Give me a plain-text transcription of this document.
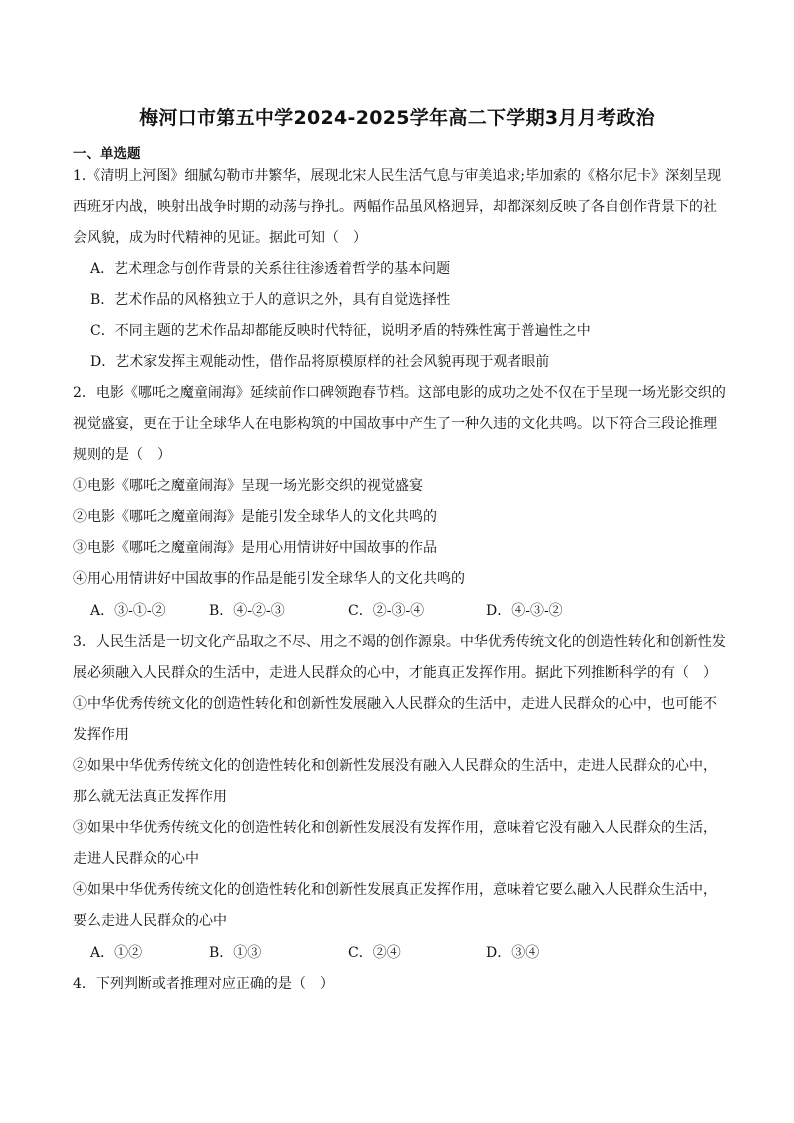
梅河口市第五中学2024-2025学年高二下学期3月月考政治
一、单选题
1.《清明上河图》细腻勾勒市井繁华，展现北宋人民生活气息与审美追求;毕加索的《格尔尼卡》深刻呈现
西班牙内战，映射出战争时期的动荡与挣扎。两幅作品虽风格迥异，却都深刻反映了各自创作背景下的社
会风貌，成为时代精神的见证。据此可知（　）
A．艺术理念与创作背景的关系往往渗透着哲学的基本问题
B．艺术作品的风格独立于人的意识之外，具有自觉选择性
C．不同主题的艺术作品却都能反映时代特征，说明矛盾的特殊性寓于普遍性之中
D．艺术家发挥主观能动性，借作品将原模原样的社会风貌再现于观者眼前
2．电影《哪吒之魔童闹海》延续前作口碑领跑春节档。这部电影的成功之处不仅在于呈现一场光影交织的
视觉盛宴，更在于让全球华人在电影构筑的中国故事中产生了一种久违的文化共鸣。以下符合三段论推理
规则的是（　）
①电影《哪吒之魔童闹海》呈现一场光影交织的视觉盛宴
②电影《哪吒之魔童闹海》是能引发全球华人的文化共鸣的
③电影《哪吒之魔童闹海》是用心用情讲好中国故事的作品
④用心用情讲好中国故事的作品是能引发全球华人的文化共鸣的
A．③-①-②	B．④-②-③	C．②-③-④	D．④-③-②
3．人民生活是一切文化产品取之不尽、用之不竭的创作源泉。中华优秀传统文化的创造性转化和创新性发
展必须融入人民群众的生活中，走进人民群众的心中，才能真正发挥作用。据此下列推断科学的有（　）
①中华优秀传统文化的创造性转化和创新性发展融入人民群众的生活中，走进人民群众的心中，也可能不
发挥作用
②如果中华优秀传统文化的创造性转化和创新性发展没有融入人民群众的生活中，走进人民群众的心中，
那么就无法真正发挥作用
③如果中华优秀传统文化的创造性转化和创新性发展没有发挥作用，意味着它没有融入人民群众的生活，
走进人民群众的心中
④如果中华优秀传统文化的创造性转化和创新性发展真正发挥作用，意味着它要么融入人民群众生活中，
要么走进人民群众的心中
A．①②	B．①③	C．②④	D．③④
4．下列判断或者推理对应正确的是（　）
